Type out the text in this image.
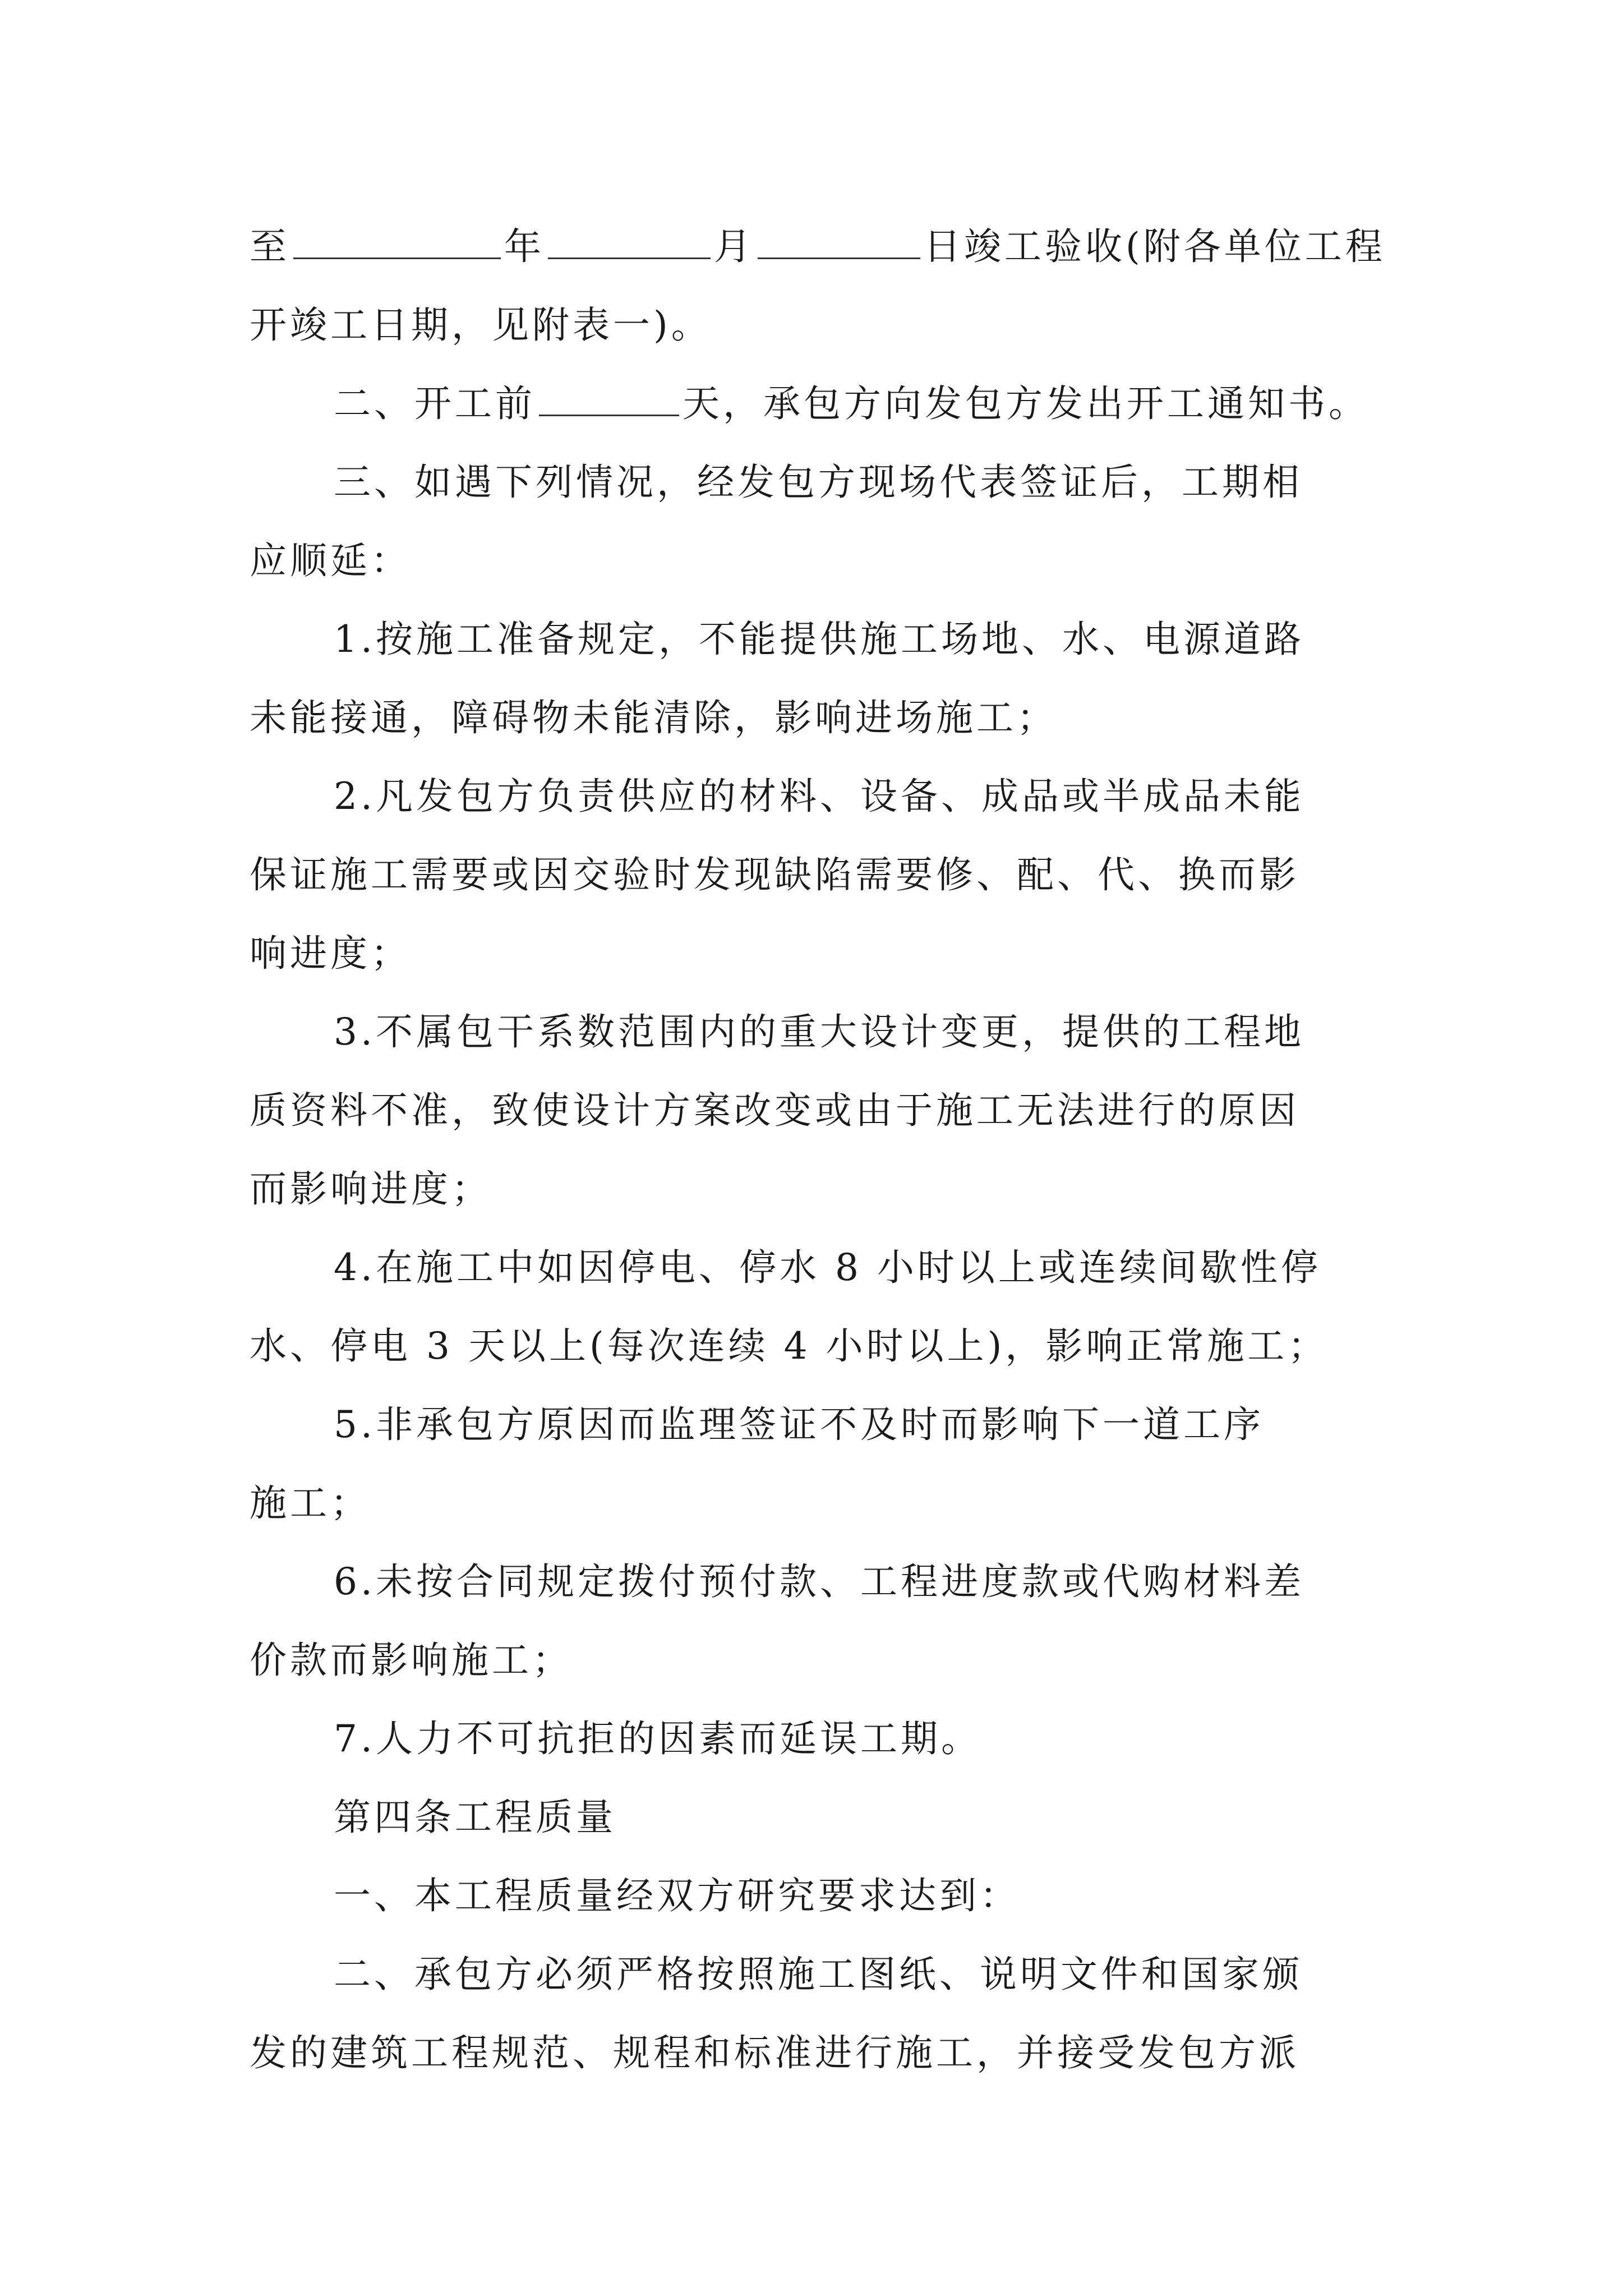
至	年	月	日竣工验收(附各单位工程
开竣工日期，见附表一)。
二、开工前	天，承包方向发包方发出开工通知书。
三、如遇下列情况，经发包方现场代表签证后，工期相
应顺延：
1.按施工准备规定，不能提供施工场地、水、电源道路
未能接通，障碍物未能清除，影响进场施工；
2.凡发包方负责供应的材料、设备、成品或半成品未能
保证施工需要或因交验时发现缺陷需要修、配、代、换而影
响进度；
3.不属包干系数范围内的重大设计变更，提供的工程地
质资料不准，致使设计方案改变或由于施工无法进行的原因
而影响进度；
4.在施工中如因停电、停水 8 小时以上或连续间歇性停
水、停电 3 天以上(每次连续 4 小时以上)，影响正常施工；
5.非承包方原因而监理签证不及时而影响下一道工序
施工；
6.未按合同规定拨付预付款、工程进度款或代购材料差
价款而影响施工；
7.人力不可抗拒的因素而延误工期。
第四条工程质量
一、本工程质量经双方研究要求达到：
二、承包方必须严格按照施工图纸、说明文件和国家颁
发的建筑工程规范、规程和标准进行施工，并接受发包方派
